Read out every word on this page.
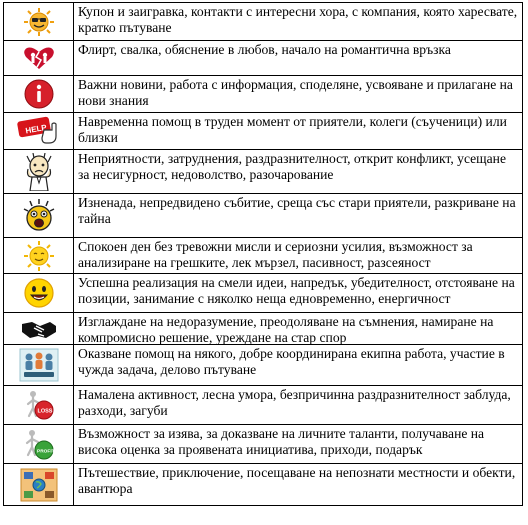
Купон и заигравка, контакти с интересни хора, с компания, която харесвате, кратко пътуване
Флирт, свалка, обяснение в любов, начало на романтична връзка
Важни новини, работа с информация, споделяне, усвояване и прилагане на нови знания
HELP
Навременна помощ в труден момент от приятели, колеги (съученици) или близки
Неприятности, затруднения, раздразнителност, открит конфликт, усещане за несигурност, недоволство, разочарование
Изненада, непредвидено събитие, среща със стари приятели, разкриване на тайна
Спокоен ден без тревожни мисли и сериозни усилия, възможност за анализиране на грешките, лек мързел, пасивност, разсеяност
Успешна реализация на смели идеи, напредък, убедителност, отстояване на позиции, занимание с няколко неща едновременно, енергичност
Изглаждане на недоразумение, преодоляване на съмнения, намиране на компромисно решение, уреждане на стар спор
Оказване помощ на някого, добре координирана екипна работа, участие в чужда задача, делово пътуване
LOSS
Намалена активност, лесна умора, безпричинна раздразнителност заблуда, разходи, загуби
PROFIT
Възможност за изява, за доказване на личните таланти, получаване на висока оценка за проявената инициатива, приходи, подарък
Пътешествие, приключение, посещаване на непознати местности и обекти, авантюра
